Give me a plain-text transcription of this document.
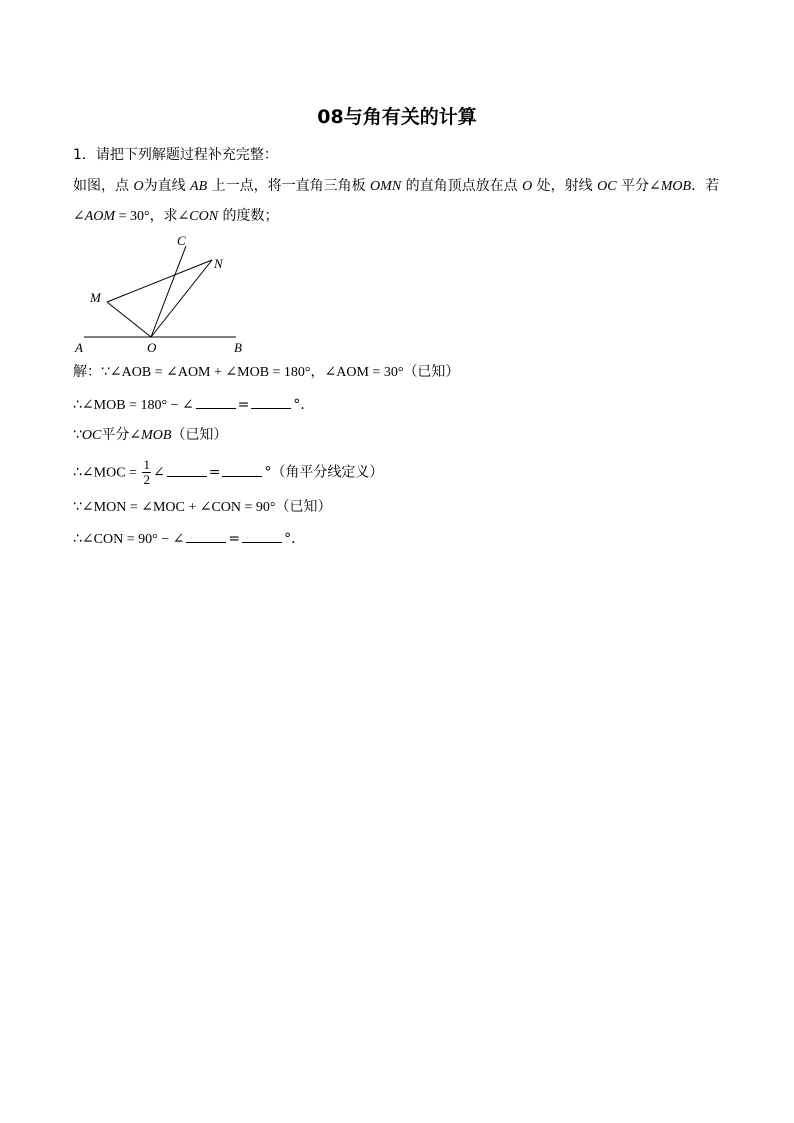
08与角有关的计算
1．请把下列解题过程补充完整：
如图，点 O为直线 AB 上一点，将一直角三角板 OMN 的直角顶点放在点 O 处，射线 OC 平分∠MOB．若
∠AOM = 30°，求∠CON 的度数；
A	O	B
M
N
C
解：∵∠AOB = ∠AOM + ∠MOB = 180°，∠AOM = 30°（已知）
∴∠MOB = 180° − ∠	=	°．
∵OC平分∠MOB（已知）
∴∠MOC = $\frac{1}{2}$ ∠	=	°（角平分线定义）
∵∠MON = ∠MOC + ∠CON = 90°（已知）
∴∠CON = 90° − ∠	=	°．
